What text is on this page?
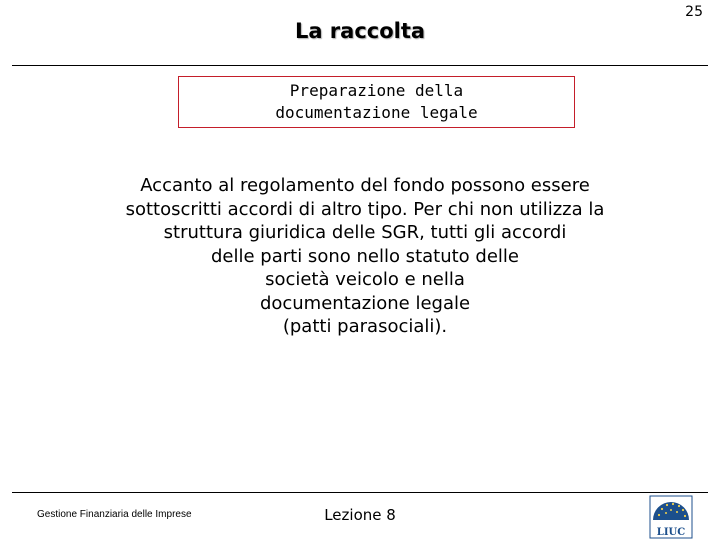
25
La raccolta
Preparazione della
documentazione legale
Accanto al regolamento del fondo possono essere
sottoscritti accordi di altro tipo. Per chi non utilizza la
struttura giuridica delle SGR, tutti gli accordi
delle parti sono nello statuto delle
società veicolo e nella
documentazione legale
(patti parasociali).
Gestione Finanziaria delle Imprese	Lezione 8
LIUC
